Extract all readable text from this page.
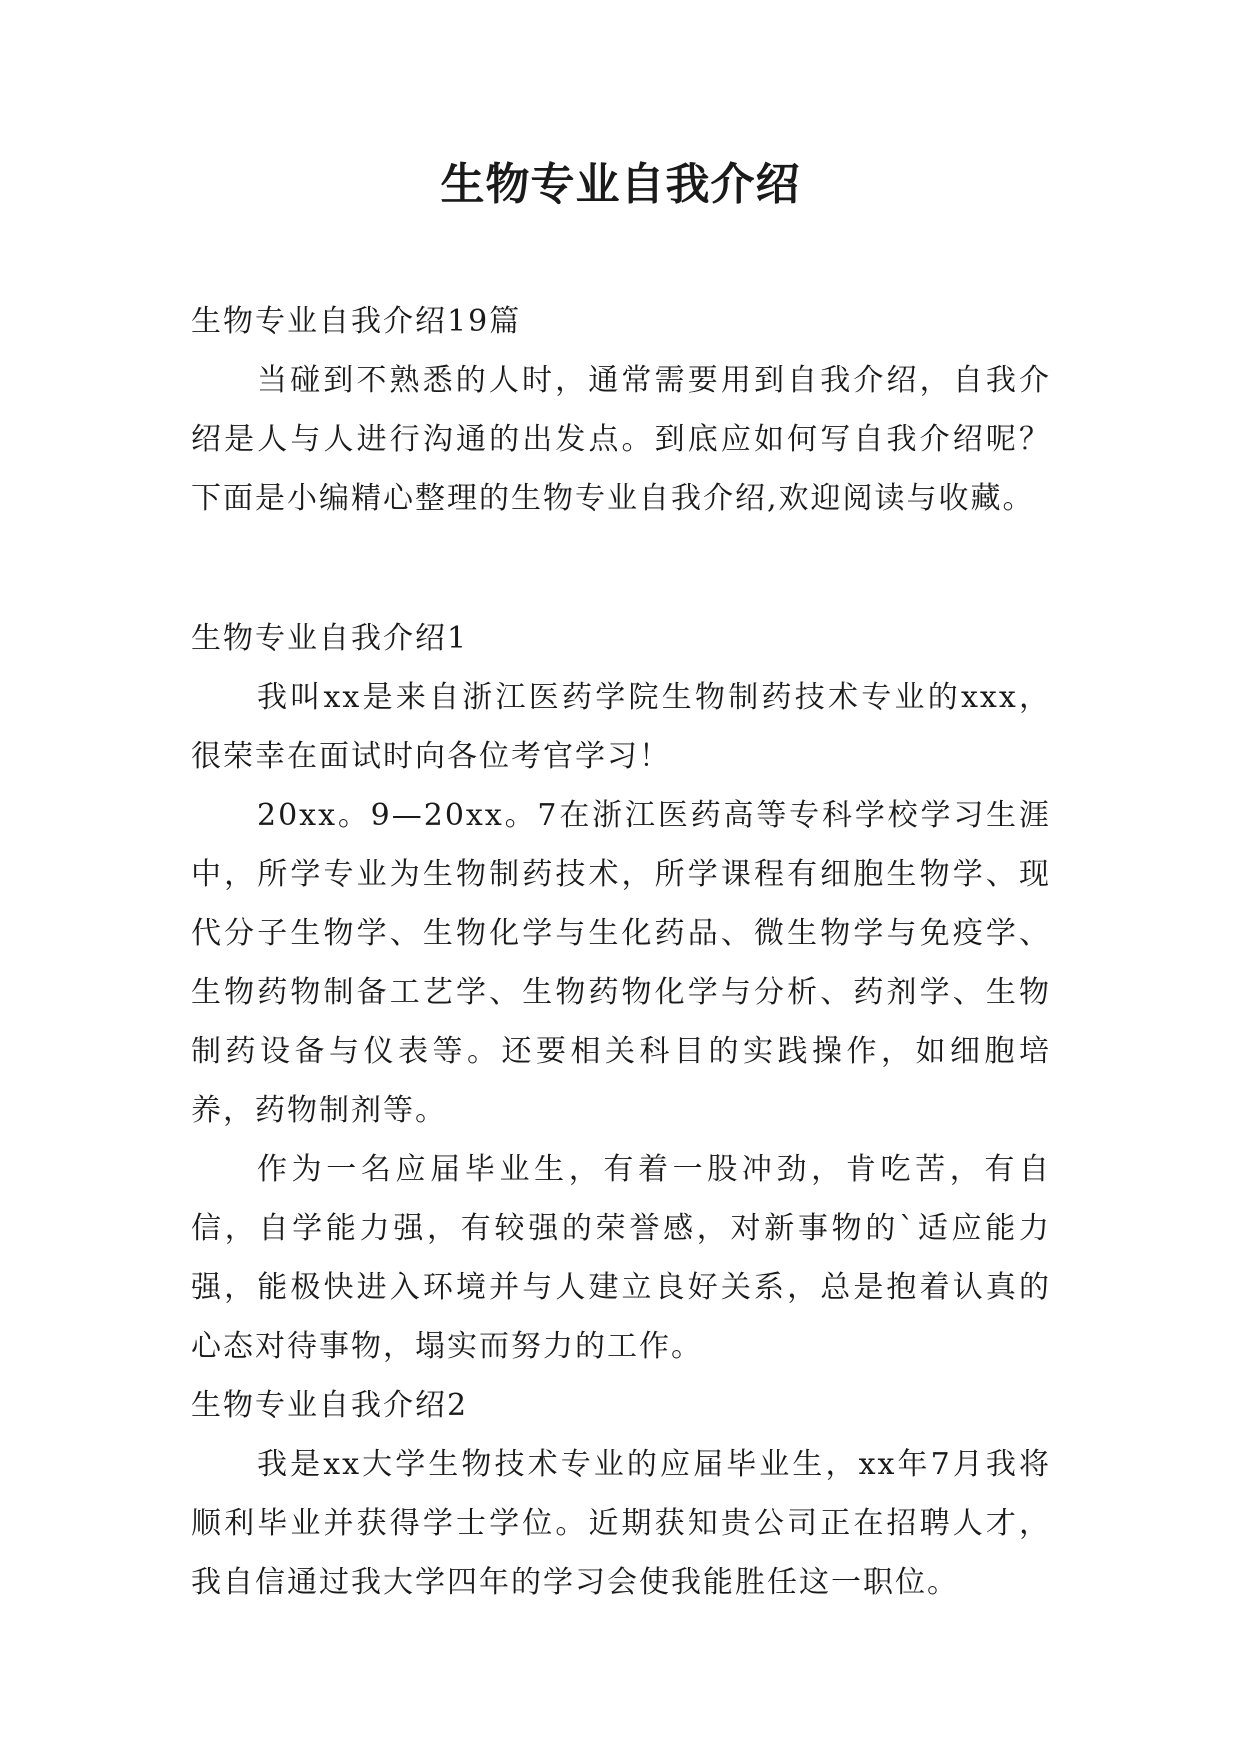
生物专业自我介绍

生物专业自我介绍19篇

当碰到不熟悉的人时，通常需要用到自我介绍，自我介绍是人与人进行沟通的出发点。到底应如何写自我介绍呢？下面是小编精心整理的生物专业自我介绍,欢迎阅读与收藏。

生物专业自我介绍1

我叫xx是来自浙江医药学院生物制药技术专业的xxx，很荣幸在面试时向各位考官学习！

20xx。9—20xx。7在浙江医药高等专科学校学习生涯中，所学专业为生物制药技术，所学课程有细胞生物学、现代分子生物学、生物化学与生化药品、微生物学与免疫学、生物药物制备工艺学、生物药物化学与分析、药剂学、生物制药设备与仪表等。还要相关科目的实践操作，如细胞培养，药物制剂等。

作为一名应届毕业生，有着一股冲劲，肯吃苦，有自信，自学能力强，有较强的荣誉感，对新事物的`适应能力强，能极快进入环境并与人建立良好关系，总是抱着认真的心态对待事物，塌实而努力的工作。

生物专业自我介绍2

我是xx大学生物技术专业的应届毕业生，xx年7月我将顺利毕业并获得学士学位。近期获知贵公司正在招聘人才，我自信通过我大学四年的学习会使我能胜任这一职位。
